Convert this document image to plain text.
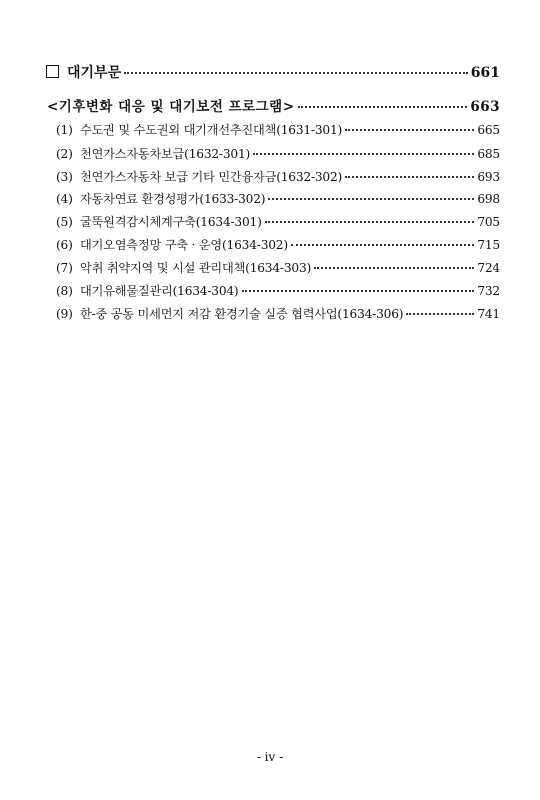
대기부문	661
<기후변화 대응 및 대기보전 프로그램>	663
(1) 수도권 및 수도권외 대기개선추진대책(1631-301)	665
(2) 천연가스자동차보급(1632-301)	685
(3) 천연가스자동차 보급 기타 민간융자금(1632-302)	693
(4) 자동차연료 환경성평가(1633-302)	698
(5) 굴뚝원격감시체계구축(1634-301)	705
(6) 대기오염측정망 구축 · 운영(1634-302)	715
(7) 악취 취약지역 및 시설 관리대책(1634-303)	724
(8) 대기유해물질관리(1634-304)	732
(9) 한-중 공동 미세먼지 저감 환경기술 실증 협력사업(1634-306)	741
- iv -
